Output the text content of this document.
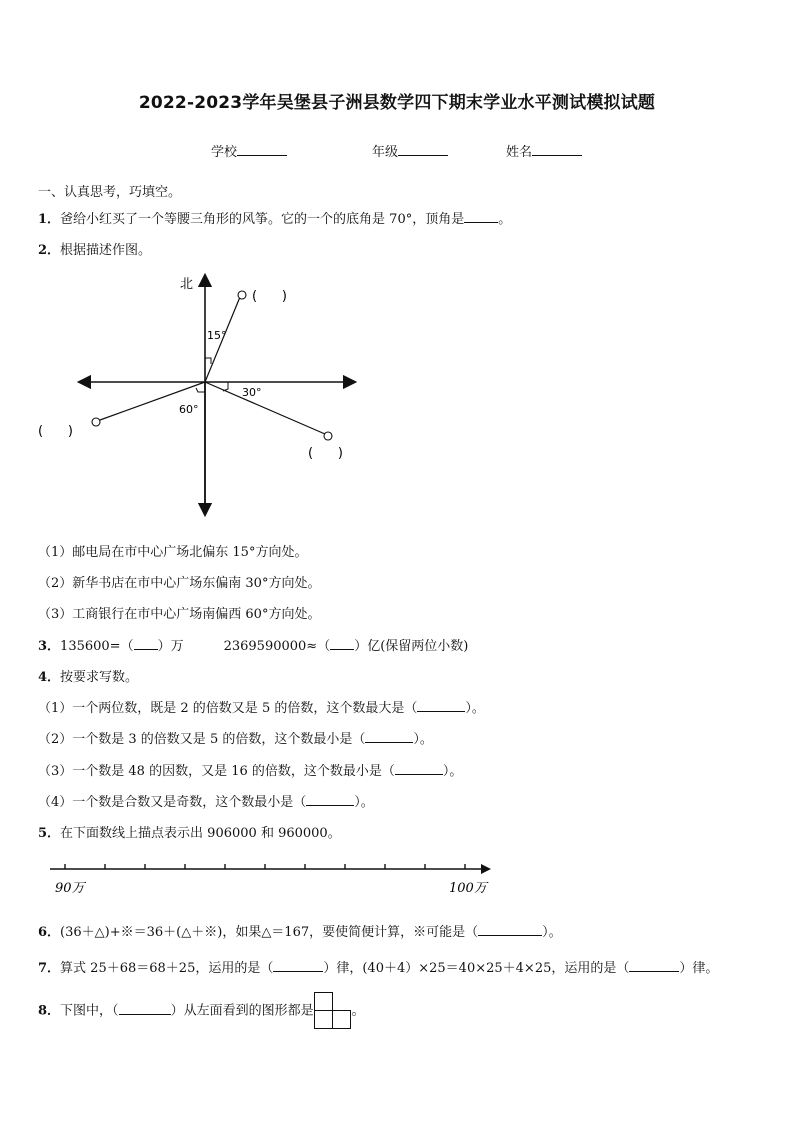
2022-2023学年吴堡县子洲县数学四下期末学业水平测试模拟试题
学校	年级	姓名
一、认真思考，巧填空。
1．爸给小红买了一个等腰三角形的风筝。它的一个的底角是 70°，顶角是	。
2．根据描述作图。
北
15°
30°
60°
(      )
(      )
(      )
（1）邮电局在市中心广场北偏东 15°方向处。
（2）新华书店在市中心广场东偏南 30°方向处。
（3）工商银行在市中心广场南偏西 60°方向处。
3．135600=（ ）万	2369590000≈（ ）亿(保留两位小数)
4．按要求写数。
（1）一个两位数，既是 2 的倍数又是 5 的倍数，这个数最大是（	）。
（2）一个数是 3 的倍数又是 5 的倍数，这个数最小是（	）。
（3）一个数是 48 的因数，又是 16 的倍数，这个数最小是（	）。
（4）一个数是合数又是奇数，这个数最小是（	）。
5．在下面数线上描点表示出 906000 和 960000。
90万	100万
6．(36＋△)+※＝36＋(△＋※)，如果△＝167，要使简便计算，※可能是（	）。
7．算式 25＋68＝68＋25，运用的是（	）律，(40＋4）×25＝40×25＋4×25，运用的是（	）律。
8．下图中，（	）从左面看到的图形都是	。
